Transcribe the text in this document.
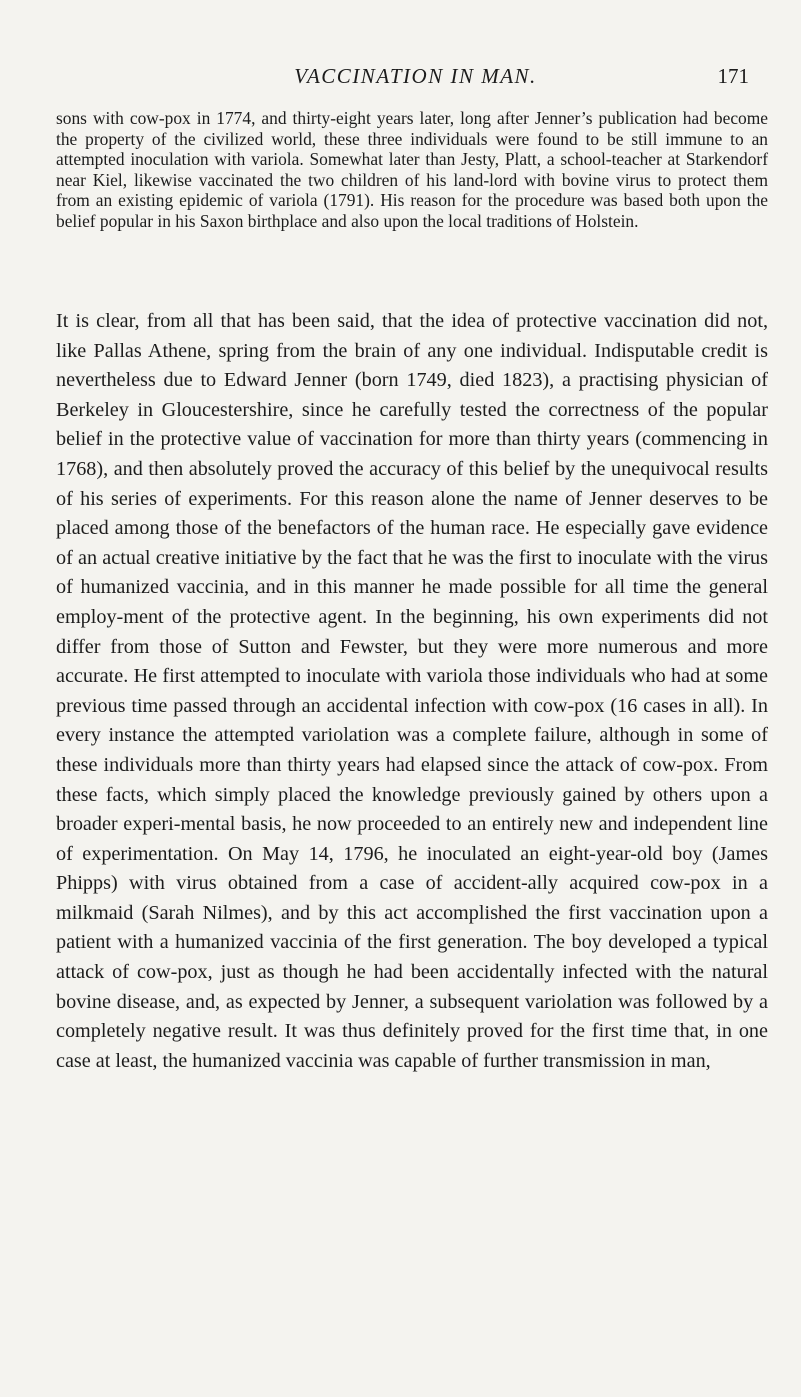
VACCINATION IN MAN.	171

sons with cow-pox in 1774, and thirty-eight years later, long after Jenner’s publication had become the property of the civilized world, these three individuals were found to be still immune to an attempted inoculation with variola. Somewhat later than Jesty, Platt, a school-teacher at Starkendorf near Kiel, likewise vaccinated the two children of his land-lord with bovine virus to protect them from an existing epidemic of variola (1791). His reason for the procedure was based both upon the belief popular in his Saxon birthplace and also upon the local traditions of Holstein.

It is clear, from all that has been said, that the idea of protective vaccination did not, like Pallas Athene, spring from the brain of any one individual. Indisputable credit is nevertheless due to Edward Jenner (born 1749, died 1823), a practising physician of Berkeley in Gloucestershire, since he carefully tested the correctness of the popular belief in the protective value of vaccination for more than thirty years (commencing in 1768), and then absolutely proved the accuracy of this belief by the unequivocal results of his series of experiments. For this reason alone the name of Jenner deserves to be placed among those of the benefactors of the human race. He especially gave evidence of an actual creative initiative by the fact that he was the first to inoculate with the virus of humanized vaccinia, and in this manner he made possible for all time the general employ-ment of the protective agent. In the beginning, his own experiments did not differ from those of Sutton and Fewster, but they were more numerous and more accurate. He first attempted to inoculate with variola those individuals who had at some previous time passed through an accidental infection with cow-pox (16 cases in all). In every instance the attempted variolation was a complete failure, although in some of these individuals more than thirty years had elapsed since the attack of cow-pox. From these facts, which simply placed the knowledge previously gained by others upon a broader experi-mental basis, he now proceeded to an entirely new and independent line of experimentation. On May 14, 1796, he inoculated an eight-year-old boy (James Phipps) with virus obtained from a case of accident-ally acquired cow-pox in a milkmaid (Sarah Nilmes), and by this act accomplished the first vaccination upon a patient with a humanized vaccinia of the first generation. The boy developed a typical attack of cow-pox, just as though he had been accidentally infected with the natural bovine disease, and, as expected by Jenner, a subsequent variolation was followed by a completely negative result. It was thus definitely proved for the first time that, in one case at least, the humanized vaccinia was capable of further transmission in man,
